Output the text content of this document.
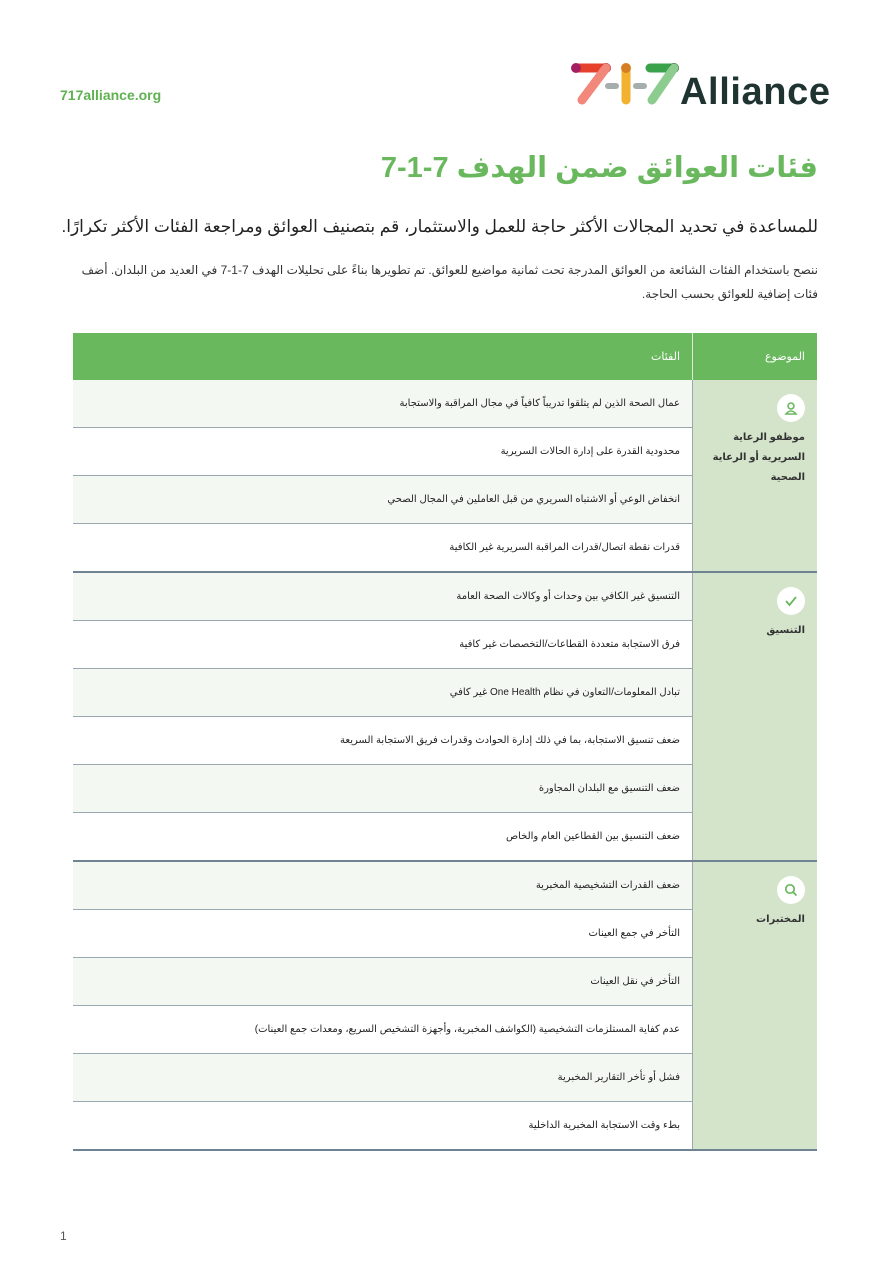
717alliance.org	Alliance
فئات العوائق ضمن الهدف 7-1-7

للمساعدة في تحديد المجالات الأكثر حاجة للعمل والاستثمار، قم بتصنيف العوائق ومراجعة الفئات الأكثر تكرارًا.

ننصح باستخدام الفئات الشائعة من العوائق المدرجة تحت ثمانية مواضيع للعوائق. تم تطويرها بناءً على تحليلات الهدف 7-1-7 في العديد من البلدان. أضف فئات إضافية للعوائق بحسب الحاجة.

الموضوع	الفئات

موظفو الرعاية السريرية أو الرعاية الصحية	عمال الصحة الذين لم يتلقوا تدريباً كافياً في مجال المراقبة والاستجابة
	محدودية القدرة على إدارة الحالات السريرية
	انخفاض الوعي أو الاشتباه السريري من قبل العاملين في المجال الصحي
	قدرات نقطة اتصال/قدرات المراقبة السريرية غير الكافية

التنسيق	التنسيق غير الكافي بين وحدات أو وكالات الصحة العامة
	فرق الاستجابة متعددة القطاعات/التخصصات غير كافية
	تبادل المعلومات/التعاون في نظام One Health غير كافي
	ضعف تنسيق الاستجابة، بما في ذلك إدارة الحوادث وقدرات فريق الاستجابة السريعة
	ضعف التنسيق مع البلدان المجاورة
	ضعف التنسيق بين القطاعين العام والخاص

المختبرات	ضعف القدرات التشخيصية المخبرية
	التأخر في جمع العينات
	التأخر في نقل العينات
	عدم كفاية المستلزمات التشخيصية (الكواشف المخبرية، وأجهزة التشخيص السريع، ومعدات جمع العينات)
	فشل أو تأخر التقارير المخبرية
	بطء وقت الاستجابة المخبرية الداخلية
1
